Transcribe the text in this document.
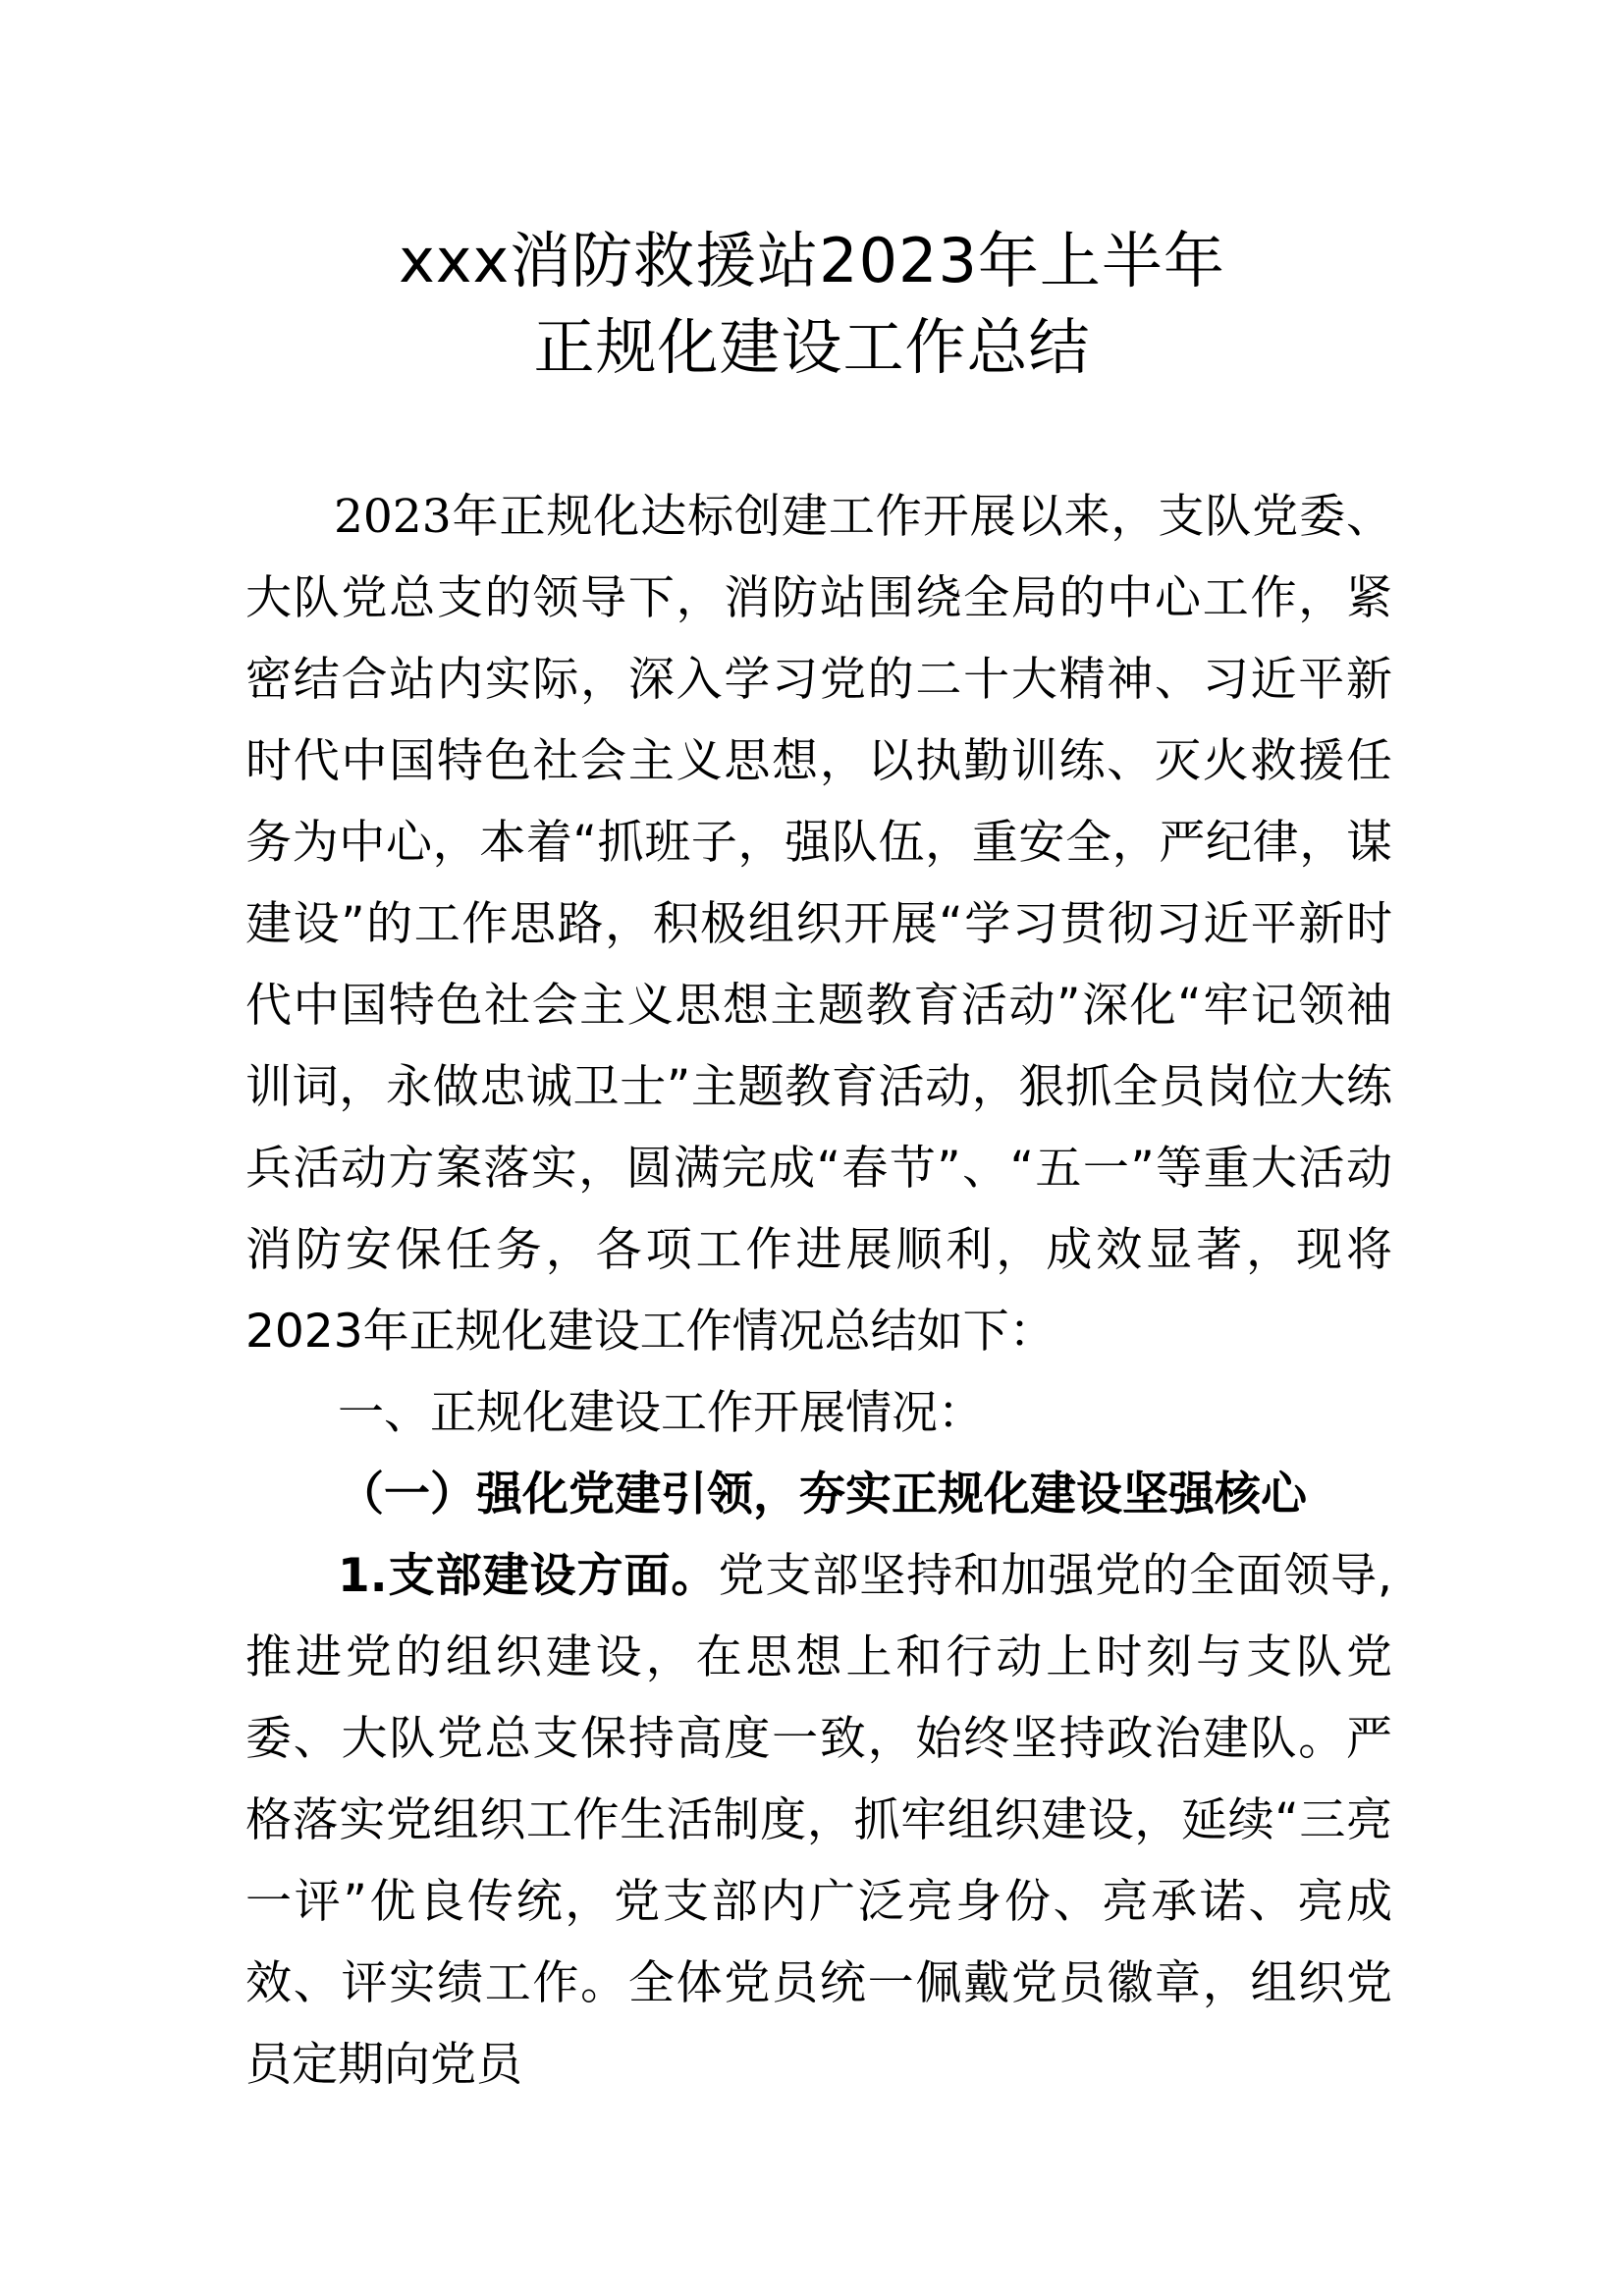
xxx消防救援站2023年上半年
正规化建设工作总结

2023年正规化达标创建工作开展以来，支队党委、大队党总支的领导下，消防站围绕全局的中心工作，紧密结合站内实际，深入学习党的二十大精神、习近平新时代中国特色社会主义思想，以执勤训练、灭火救援任务为中心，本着“抓班子，强队伍，重安全，严纪律，谋建设”的工作思路，积极组织开展“学习贯彻习近平新时代中国特色社会主义思想主题教育活动”深化“牢记领袖训词，永做忠诚卫士”主题教育活动，狠抓全员岗位大练兵活动方案落实，圆满完成“春节”、“五一”等重大活动消防安保任务，各项工作进展顺利，成效显著，现将2023年正规化建设工作情况总结如下：

一、正规化建设工作开展情况：

（一）强化党建引领，夯实正规化建设坚强核心

1.支部建设方面。党支部坚持和加强党的全面领导,推进党的组织建设，在思想上和行动上时刻与支队党委、大队党总支保持高度一致，始终坚持政治建队。严格落实党组织工作生活制度，抓牢组织建设，延续“三亮一评”优良传统，党支部内广泛亮身份、亮承诺、亮成效、评实绩工作。全体党员统一佩戴党员徽章，组织党员定期向党员
